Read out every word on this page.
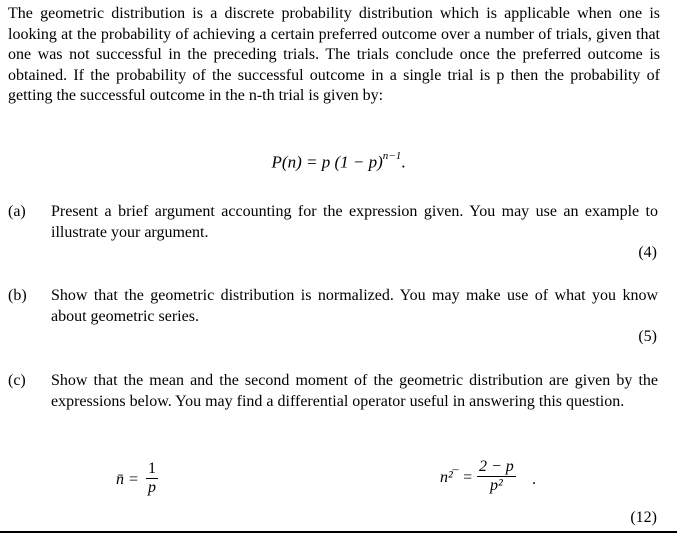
The geometric distribution is a discrete probability distribution which is applicable when one is looking at the probability of achieving a certain preferred outcome over a number of trials, given that one was not successful in the preceding trials. The trials conclude once the preferred outcome is obtained. If the probability of the successful outcome in a single trial is p then the probability of getting the successful outcome in the n-th trial is given by:

P(n) = p $(1 - p)^{n-1}$.
(a) Present a brief argument accounting for the expression given. You may use an example to illustrate your argument.

(4)
(b) Show that the geometric distribution is normalized. You may make use of what you know about geometric series.

(5)
(c) Show that the mean and the second moment of the geometric distribution are given by the expressions below. You may find a differential operator useful in answering this question.

n̄ =
1
p
n²‾ =
2 − p
p² .
(12)
